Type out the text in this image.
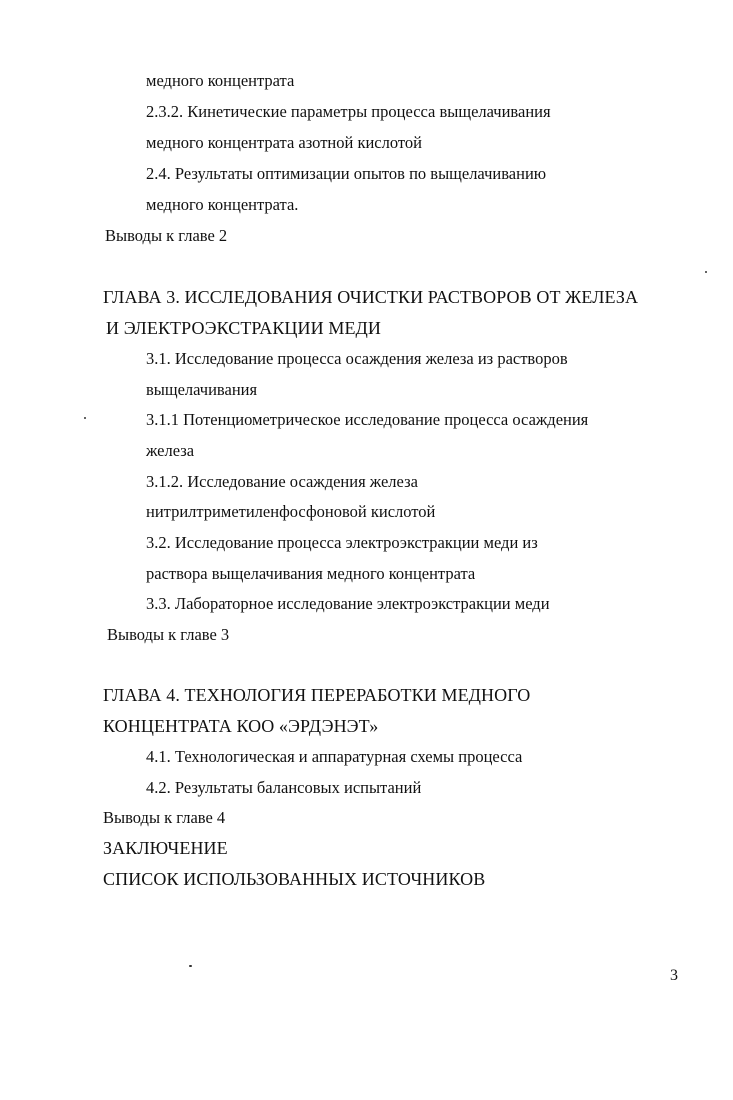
медного концентрата
2.3.2. Кинетические параметры процесса выщелачивания
медного концентрата азотной кислотой
2.4. Результаты оптимизации опытов по выщелачиванию
медного концентрата.
Выводы к главе 2
ГЛАВА 3. ИССЛЕДОВАНИЯ ОЧИСТКИ РАСТВОРОВ ОТ ЖЕЛЕЗА
И ЭЛЕКТРОЭКСТРАКЦИИ МЕДИ
3.1. Исследование процесса осаждения железа из растворов
выщелачивания
3.1.1 Потенциометрическое исследование процесса осаждения
железа
3.1.2. Исследование осаждения железа
нитрилтриметиленфосфоновой кислотой
3.2. Исследование процесса электроэкстракции меди из
раствора выщелачивания медного концентрата
3.3. Лабораторное исследование электроэкстракции меди
Выводы к главе 3
ГЛАВА 4. ТЕХНОЛОГИЯ ПЕРЕРАБОТКИ МЕДНОГО
КОНЦЕНТРАТА КОО «ЭРДЭНЭТ»
4.1. Технологическая и аппаратурная схемы процесса
4.2. Результаты балансовых испытаний
Выводы к главе 4
ЗАКЛЮЧЕНИЕ
СПИСОК ИСПОЛЬЗОВАННЫХ ИСТОЧНИКОВ
3
